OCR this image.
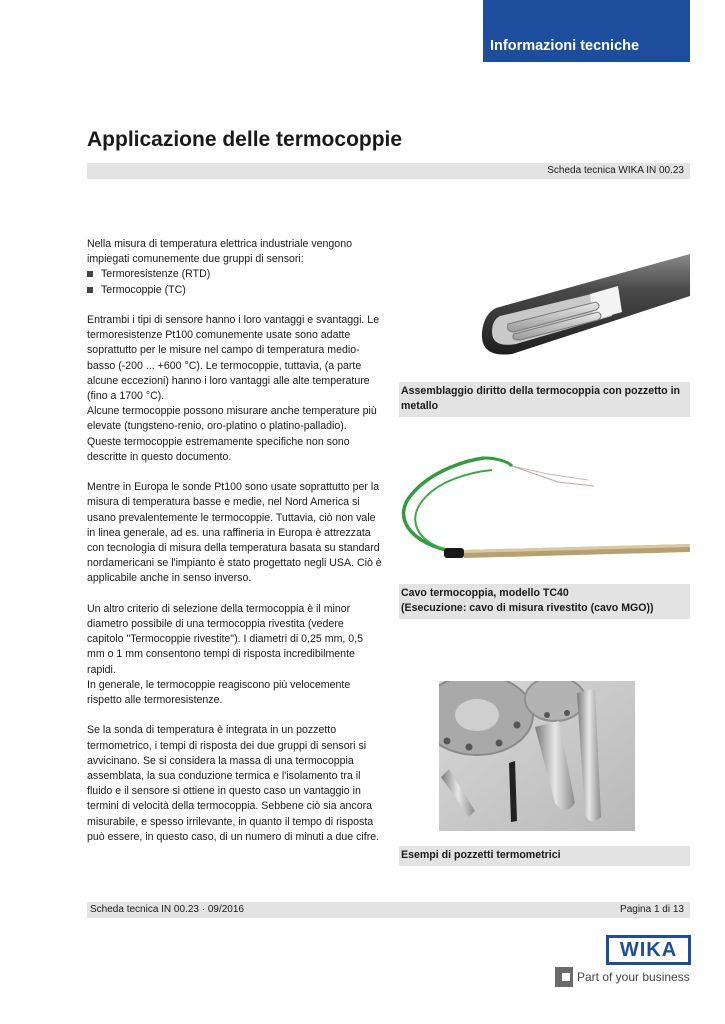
Informazioni tecniche
Applicazione delle termocoppie
Scheda tecnica WIKA IN 00.23
Nella misura di temperatura elettrica industriale vengono impiegati comunemente due gruppi di sensori:
Termoresistenze (RTD)
Termocoppie (TC)
Entrambi i tipi di sensore hanno i loro vantaggi e svantaggi. Le termoresistenze Pt100 comunemente usate sono adatte soprattutto per le misure nel campo di temperatura medio-basso (-200 ... +600 °C). Le termocoppie, tuttavia, (a parte alcune eccezioni) hanno i loro vantaggi alle alte temperature (fino a 1700 °C).

Alcune termocoppie possono misurare anche temperature più elevate (tungsteno-renio, oro-platino o platino-palladio). Queste termocoppie estremamente specifiche non sono descritte in questo documento.

Mentre in Europa le sonde Pt100 sono usate soprattutto per la misura di temperatura basse e medie, nel Nord America si usano prevalentemente le termocoppie. Tuttavia, ciò non vale in linea generale, ad es. una raffineria in Europa è attrezzata con tecnologia di misura della temperatura basata su standard nordamericani se l'impianto è stato progettato negli USA. Ciò è applicabile anche in senso inverso.

Un altro criterio di selezione della termocoppia è il minor diametro possibile di una termocoppia rivestita (vedere capitolo "Termocoppie rivestite"). I diametri di 0,25 mm, 0,5 mm o 1 mm consentono tempi di risposta incredibilmente rapidi.

In generale, le termocoppie reagiscono più velocemente rispetto alle termoresistenze.

Se la sonda di temperatura è integrata in un pozzetto termometrico, i tempi di risposta dei due gruppi di sensori si avvicinano. Se si considera la massa di una termocoppia assemblata, la sua conduzione termica e l'isolamento tra il fluido e il sensore si ottiene in questo caso un vantaggio in termini di velocità della termocoppia. Sebbene ciò sia ancora misurabile, e spesso irrilevante, in quanto il tempo di risposta può essere, in questo caso, di un numero di minuti a due cifre.

Assemblaggio diritto della termocoppia con pozzetto in metallo
Cavo termocoppia, modello TC40
(Esecuzione: cavo di misura rivestito (cavo MGO))
Esempi di pozzetti termometrici
Scheda tecnica IN 00.23 · 09/2016	Pagina 1 di 13
WIKA
Part of your business
